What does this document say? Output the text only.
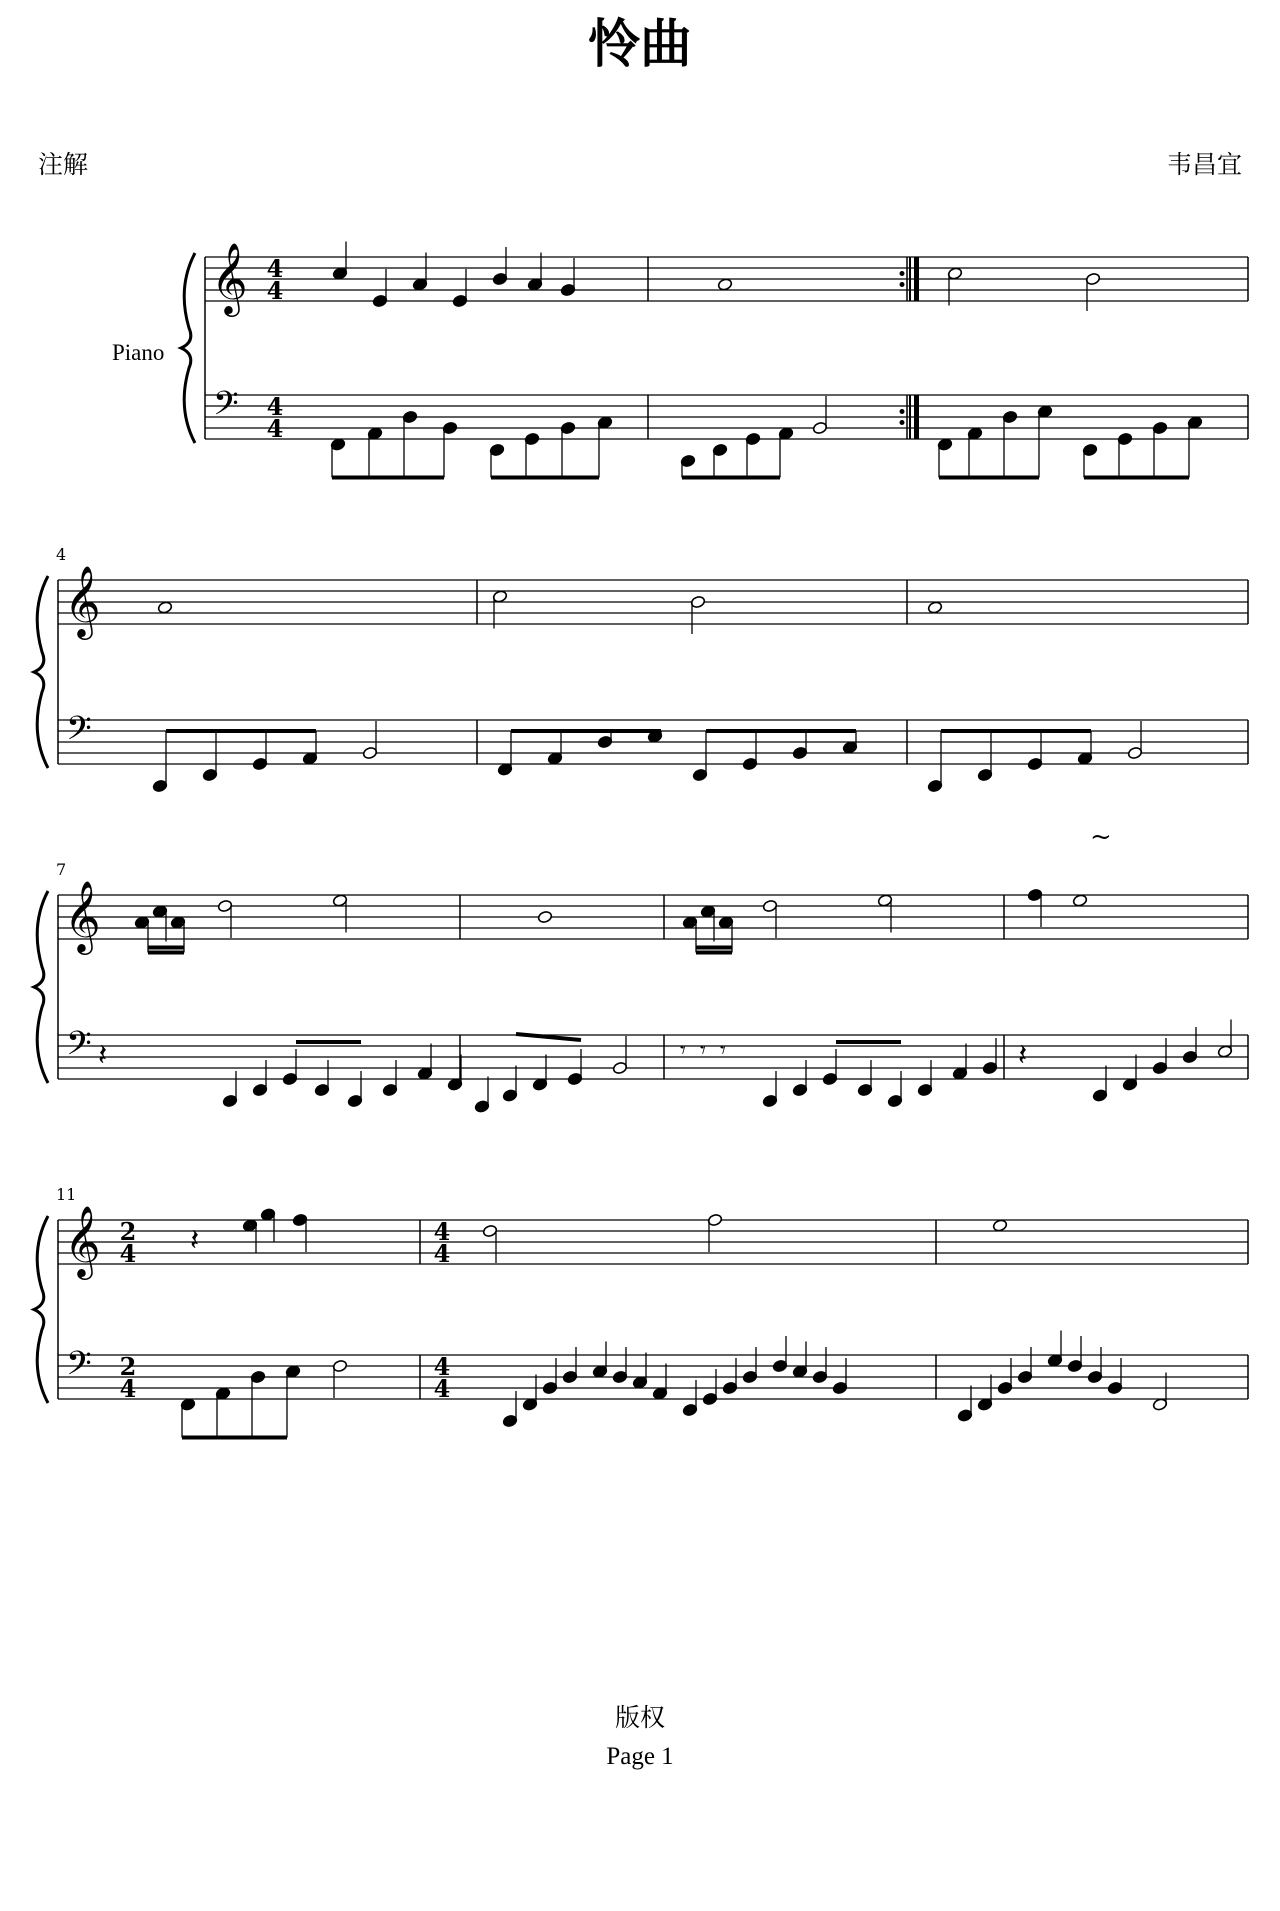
怜曲
注解	韦昌宜
𝄞
𝄢
4
4
4
4
𝄞
𝄢
4
𝄞
𝄢
7
𝄞
𝄢
2
4
2
4
4
4
4
4
11
Piano
~
𝄽	𝄽
𝄾 𝄾 𝄾
𝄽
版权
Page 1
